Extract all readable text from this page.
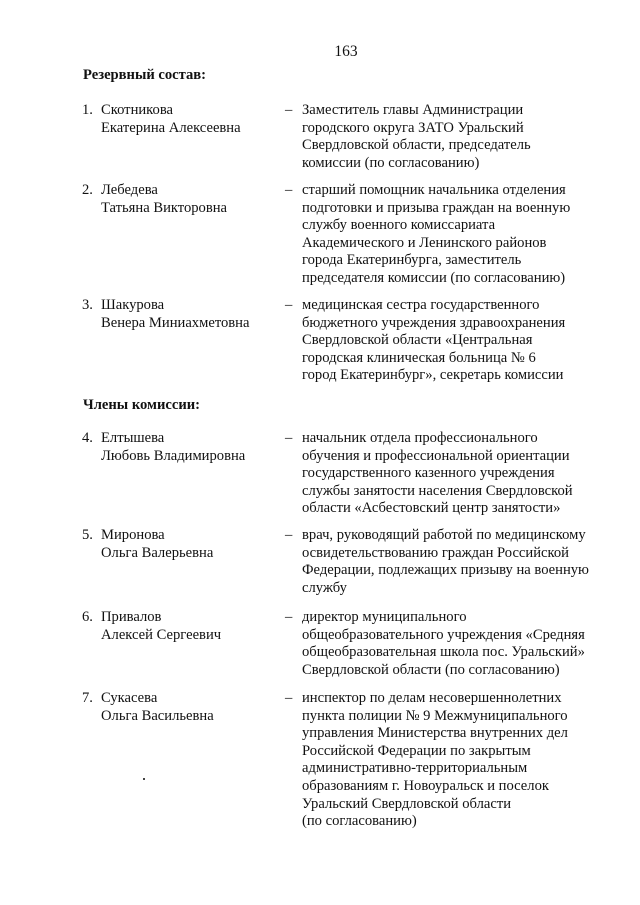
163
Резервный состав:
1. Скотникова
Екатерина Алексеевна
– Заместитель главы Администрации
городского округа ЗАТО Уральский
Свердловской области, председатель
комиссии (по согласованию)
2. Лебедева
Татьяна Викторовна
– старший помощник начальника отделения
подготовки и призыва граждан на военную
службу военного комиссариата
Академического и Ленинского районов
города Екатеринбурга, заместитель
председателя комиссии (по согласованию)
3. Шакурова
Венера Миниахметовна
– медицинская сестра государственного
бюджетного учреждения здравоохранения
Свердловской области «Центральная
городская клиническая больница № 6
город Екатеринбург», секретарь комиссии
Члены комиссии:
4. Елтышева
Любовь Владимировна
– начальник отдела профессионального
обучения и профессиональной ориентации
государственного казенного учреждения
службы занятости населения Свердловской
области «Асбестовский центр занятости»
5. Миронова
Ольга Валерьевна
– врач, руководящий работой по медицинскому
освидетельствованию граждан Российской
Федерации, подлежащих призыву на военную
службу
6. Привалов
Алексей Сергеевич
– директор муниципального
общеобразовательного учреждения «Средняя
общеобразовательная школа пос. Уральский»
Свердловской области (по согласованию)
7. Сукасева
Ольга Васильевна
– инспектор по делам несовершеннолетних
пункта полиции № 9 Межмуниципального
управления Министерства внутренних дел
Российской Федерации по закрытым
административно-территориальным
образованиям г. Новоуральск и поселок
Уральский Свердловской области
(по согласованию)
